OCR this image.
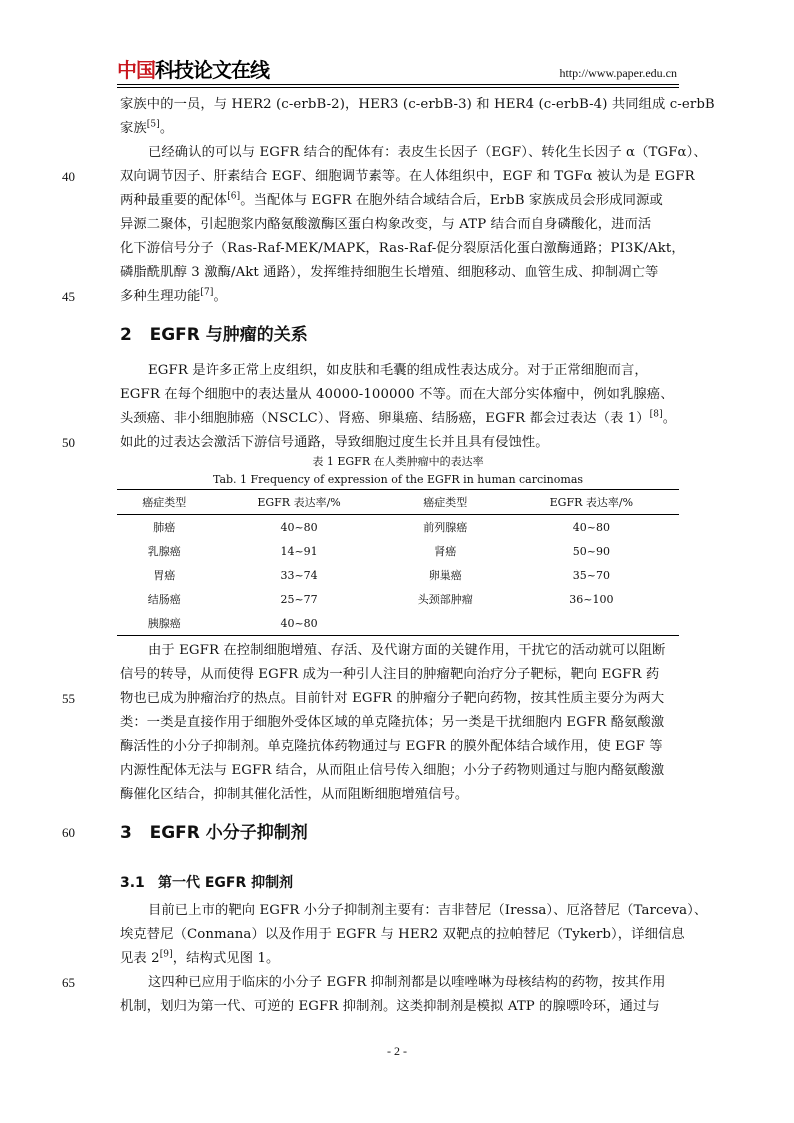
中国科技论文在线	http://www.paper.edu.cn
家族中的一员，与 HER2 (c-erbB-2)，HER3 (c-erbB-3) 和 HER4 (c-erbB-4) 共同组成 c-erbB
家族[5]。
已经确认的可以与 EGFR 结合的配体有：表皮生长因子（EGF）、转化生长因子 α（TGFα）、
40	双向调节因子、肝素结合 EGF、细胞调节素等。在人体组织中，EGF 和 TGFα 被认为是 EGFR
两种最重要的配体[6]。当配体与 EGFR 在胞外结合域结合后，ErbB 家族成员会形成同源或
异源二聚体，引起胞浆内酪氨酸激酶区蛋白构象改变，与 ATP 结合而自身磷酸化，进而活
化下游信号分子（Ras-Raf-MEK/MAPK，Ras-Raf-促分裂原活化蛋白激酶通路；PI3K/Akt，
磷脂酰肌醇 3 激酶/Akt 通路），发挥维持细胞生长增殖、细胞移动、血管生成、抑制凋亡等
45	多种生理功能[7]。
2 EGFR 与肿瘤的关系
EGFR 是许多正常上皮组织，如皮肤和毛囊的组成性表达成分。对于正常细胞而言，
EGFR 在每个细胞中的表达量从 40000-100000 不等。而在大部分实体瘤中，例如乳腺癌、
头颈癌、非小细胞肺癌（NSCLC）、肾癌、卵巢癌、结肠癌，EGFR 都会过表达（表 1）[8]。
50	如此的过表达会激活下游信号通路，导致细胞过度生长并且具有侵蚀性。
表 1 EGFR 在人类肿瘤中的表达率
Tab. 1 Frequency of expression of the EGFR in human carcinomas
癌症类型	EGFR 表达率/%	癌症类型	EGFR 表达率/%
肺癌	40~80	前列腺癌	40~80
乳腺癌	14~91	肾癌	50~90
胃癌	33~74	卵巢癌	35~70
结肠癌	25~77	头颈部肿瘤	36~100
胰腺癌	40~80		
由于 EGFR 在控制细胞增殖、存活、及代谢方面的关键作用，干扰它的活动就可以阻断
信号的转导，从而使得 EGFR 成为一种引人注目的肿瘤靶向治疗分子靶标，靶向 EGFR 药
55	物也已成为肿瘤治疗的热点。目前针对 EGFR 的肿瘤分子靶向药物，按其性质主要分为两大
类：一类是直接作用于细胞外受体区域的单克隆抗体；另一类是干扰细胞内 EGFR 酪氨酸激
酶活性的小分子抑制剂。单克隆抗体药物通过与 EGFR 的膜外配体结合域作用，使 EGF 等
内源性配体无法与 EGFR 结合，从而阻止信号传入细胞；小分子药物则通过与胞内酪氨酸激
酶催化区结合，抑制其催化活性，从而阻断细胞增殖信号。
60	3 EGFR 小分子抑制剂
3.1 第一代 EGFR 抑制剂
目前已上市的靶向 EGFR 小分子抑制剂主要有：吉非替尼（Iressa）、厄洛替尼（Tarceva）、
埃克替尼（Conmana）以及作用于 EGFR 与 HER2 双靶点的拉帕替尼（Tykerb），详细信息
见表 2[9]，结构式见图 1。
65	这四种已应用于临床的小分子 EGFR 抑制剂都是以喹唑啉为母核结构的药物，按其作用
机制，划归为第一代、可逆的 EGFR 抑制剂。这类抑制剂是模拟 ATP 的腺嘌呤环，通过与
- 2 -
